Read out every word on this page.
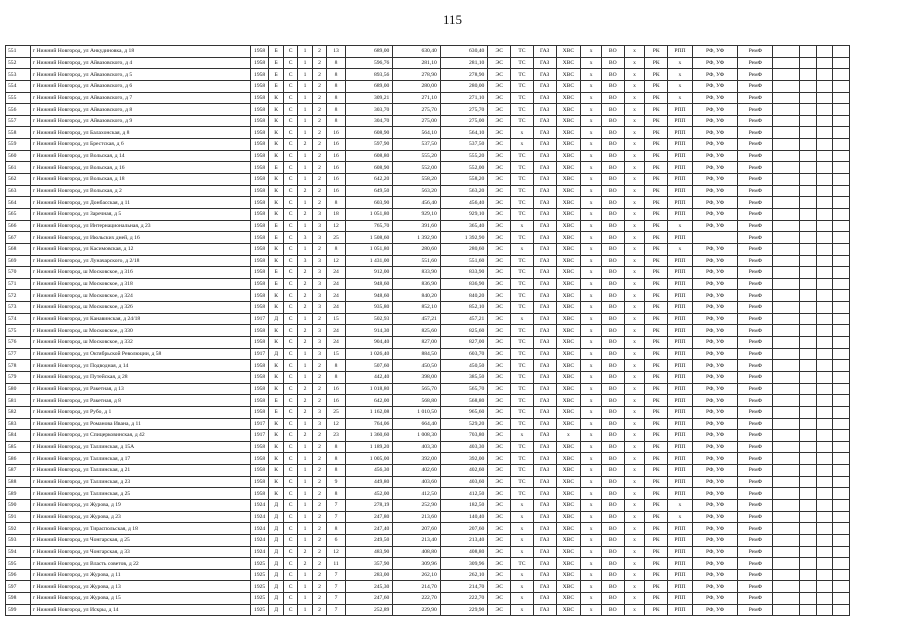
115
551	г Нижний Новгород, ул Анкудиновка, д 18	1958	Б	С	1	2	13	689,00	630,40	630,40	ЭС	ТС	ГАЗ	ХВС	х	ВО	х	РК	РПП	РФ, УФ	РемФ				
552	г Нижний Новгород, ул Айвазовского, д 4	1958	Б	С	1	2	8	596,76	281,10	281,10	ЭС	ТС	ГАЗ	ХВС	х	ВО	х	РК	х	РФ, УФ	РемФ				
553	г Нижний Новгород, ул Айвазовского, д 5	1958	Б	С	1	2	8	893,56	278,90	278,90	ЭС	ТС	ГАЗ	ХВС	х	ВО	х	РК	х	РФ, УФ	РемФ				
554	г Нижний Новгород, ул Айвазовского, д 6	1958	Б	С	1	2	8	689,00	280,00	280,00	ЭС	ТС	ГАЗ	ХВС	х	ВО	х	РК	х	РФ, УФ	РемФ				
555	г Нижний Новгород, ул Айвазовского, д 7	1958	К	С	1	2	8	309,21	271,10	271,10	ЭС	ТС	ГАЗ	ХВС	х	ВО	х	РК	х	РФ, УФ	РемФ				
556	г Нижний Новгород, ул Айвазовского, д 8	1958	К	С	1	2	8	303,70	275,70	275,70	ЭС	ТС	ГАЗ	ХВС	х	ВО	х	РК	РПП	РФ, УФ	РемФ				
557	г Нижний Новгород, ул Айвазовского, д 9	1958	К	С	1	2	8	304,70	275,00	275,00	ЭС	ТС	ГАЗ	ХВС	х	ВО	х	РК	РПП	РФ, УФ	РемФ				
558	г Нижний Новгород, ул Балахонская, д 8	1958	К	С	1	2	16	608,90	564,10	564,10	ЭС	х	ГАЗ	ХВС	х	ВО	х	РК	РПП	РФ, УФ	РемФ				
559	г Нижний Новгород, ул Брестская, д 6	1958	К	С	2	2	16	597,90	537,50	537,50	ЭС	х	ГАЗ	ХВС	х	ВО	х	РК	РПП	РФ, УФ	РемФ				
560	г Нижний Новгород, ул Вольская, д 14	1958	К	С	1	2	16	608,80	555,20	555,20	ЭС	ТС	ГАЗ	ХВС	х	ВО	х	РК	РПП	РФ, УФ	РемФ				
561	г Нижний Новгород, ул Вольская, д 16	1958	Б	С	1	2	16	608,90	552,00	552,00	ЭС	ТС	ГАЗ	ХВС	х	ВО	х	РК	РПП	РФ, УФ	РемФ				
562	г Нижний Новгород, ул Вольская, д 18	1958	К	С	1	2	16	642,20	558,20	558,20	ЭС	ТС	ГАЗ	ХВС	х	ВО	х	РК	РПП	РФ, УФ	РемФ				
563	г Нижний Новгород, ул Вольская, д 2	1958	К	С	2	2	16	649,50	563,20	563,20	ЭС	ТС	ГАЗ	ХВС	х	ВО	х	РК	РПП	РФ, УФ	РемФ				
564	г Нижний Новгород, ул Донбасская, д 11	1958	К	С	1	2	8	603,90	456,40	456,40	ЭС	ТС	ГАЗ	ХВС	х	ВО	х	РК	РПП	РФ, УФ	РемФ				
565	г Нижний Новгород, ул Заречная, д 5	1958	К	С	2	3	18	1 051,80	929,10	929,10	ЭС	ТС	ГАЗ	ХВС	х	ВО	х	РК	РПП	РФ, УФ	РемФ				
566	г Нижний Новгород, ул Интернациональная, д 23	1958	Б	С	1	3	12	765,70	391,60	365,40	ЭС	х	ГАЗ	ХВС	х	ВО	х	РК	х	РФ, УФ	РемФ				
567	г Нижний Новгород, ул Июльских дней, д 16	1958	Б	С	3	3	25	1 508,60	1 392,90	1 392,90	ЭС	ТС	ГАЗ	ХВС	х	ВО	х	РК	РПП		РемФ				
568	г Нижний Новгород, ул Касимовская, д 12	1958	К	С	1	2	8	1 051,80	280,60	280,60	ЭС	х	ГАЗ	ХВС	х	ВО	х	РК	х	РФ, УФ	РемФ				
569	г Нижний Новгород, ул Луначарского, д 2/18	1958	К	С	3	3	12	1 431,00	551,60	551,60	ЭС	ТС	ГАЗ	ХВС	х	ВО	х	РК	РПП	РФ, УФ	РемФ				
570	г Нижний Новгород, ш Московское, д 316	1958	Б	С	2	3	24	912,00	833,90	833,90	ЭС	ТС	ГАЗ	ХВС	х	ВО	х	РК	РПП	РФ, УФ	РемФ				
571	г Нижний Новгород, ш Московское, д 318	1958	Б	С	2	3	24	948,60	836,90	836,90	ЭС	ТС	ГАЗ	ХВС	х	ВО	х	РК	РПП	РФ, УФ	РемФ				
572	г Нижний Новгород, ш Московское, д 324	1958	К	С	2	3	24	948,60	840,20	840,20	ЭС	ТС	ГАЗ	ХВС	х	ВО	х	РК	РПП	РФ, УФ	РемФ				
573	г Нижний Новгород, ш Московское, д 326	1958	К	С	2	3	24	935,80	852,10	852,10	ЭС	ТС	ГАЗ	ХВС	х	ВО	х	РК	РПП	РФ, УФ	РемФ				
574	г Нижний Новгород, ул Канавинская, д 24/18	1917	Д	С	1	2	15	502,93	457,21	457,21	ЭС	х	ГАЗ	ХВС	х	ВО	х	РК	РПП	РФ, УФ	РемФ				
575	г Нижний Новгород, ш Московское, д 330	1958	К	С	2	3	24	914,30	825,60	825,60	ЭС	ТС	ГАЗ	ХВС	х	ВО	х	РК	РПП	РФ, УФ	РемФ				
576	г Нижний Новгород, ш Московское, д 332	1958	К	С	2	3	24	904,40	827,00	827,00	ЭС	ТС	ГАЗ	ХВС	х	ВО	х	РК	РПП	РФ, УФ	РемФ				
577	г Нижний Новгород, ул Октябрьской Революции, д 58	1917	Д	С	1	3	15	1 026,40	884,50	603,70	ЭС	ТС	ГАЗ	ХВС	х	ВО	х	РК	РПП	РФ, УФ	РемФ				
578	г Нижний Новгород, ул Подводная, д 14	1958	К	С	1	2	8	507,60	450,50	450,50	ЭС	ТС	ГАЗ	ХВС	х	ВО	х	РК	РПП	РФ, УФ	РемФ				
579	г Нижний Новгород, ул Путейская, д 28	1958	К	С	1	2	8	442,40	398,00	385,50	ЭС	ТС	ГАЗ	ХВС	х	ВО	х	РК	РПП	РФ, УФ	РемФ				
580	г Нижний Новгород, ул Ракетная, д 13	1958	К	С	2	2	16	1 018,80	565,70	565,70	ЭС	ТС	ГАЗ	ХВС	х	ВО	х	РК	РПП	РФ, УФ	РемФ				
581	г Нижний Новгород, ул Ракетная, д 8	1958	Б	С	2	2	16	642,00	568,80	568,80	ЭС	ТС	ГАЗ	ХВС	х	ВО	х	РК	РПП	РФ, УФ	РемФ				
582	г Нижний Новгород, ул Рубо, д 1	1958	Б	С	2	3	25	1 162,08	1 010,50	965,60	ЭС	ТС	ГАЗ	ХВС	х	ВО	х	РК	РПП	РФ, УФ	РемФ				
583	г Нижний Новгород, ул Романова Ивана, д 11	1917	К	С	1	3	12	764,06	664,40	529,20	ЭС	ТС	ГАЗ	ХВС	х	ВО	х	РК	РПП	РФ, УФ	РемФ				
584	г Нижний Новгород, ул Спицерковинская, д 42	1917	К	С	2	2	23	1 360,60	1 008,30	703,80	ЭС	х	ГАЗ	х	х	ВО	х	РК	РПП	РФ, УФ	РемФ				
585	г Нижний Новгород, ул Таллинская, д 15А	1958	К	С	1	2	8	1 189,20	403,30	403,30	ЭС	ТС	ГАЗ	ХВС	х	ВО	х	РК	РПП	РФ, УФ	РемФ				
586	г Нижний Новгород, ул Таллинская, д 17	1958	К	С	1	2	8	1 005,00	392,00	392,00	ЭС	ТС	ГАЗ	ХВС	х	ВО	х	РК	РПП	РФ, УФ	РемФ				
587	г Нижний Новгород, ул Таллинская, д 21	1958	К	С	1	2	8	456,30	402,60	402,60	ЭС	ТС	ГАЗ	ХВС	х	ВО	х	РК	РПП	РФ, УФ	РемФ				
588	г Нижний Новгород, ул Таллинская, д 23	1958	К	С	1	2	9	449,80	403,60	403,60	ЭС	ТС	ГАЗ	ХВС	х	ВО	х	РК	РПП	РФ, УФ	РемФ				
589	г Нижний Новгород, ул Таллинская, д 25	1958	К	С	1	2	8	452,00	412,50	412,50	ЭС	ТС	ГАЗ	ХВС	х	ВО	х	РК	РПП	РФ, УФ	РемФ				
590	г Нижний Новгород, ул Журова, д 19	1924	Д	С	1	2	7	278,19	252,90	182,50	ЭС	х	ГАЗ	ХВС	х	ВО	х	РК	х	РФ, УФ	РемФ				
591	г Нижний Новгород, ул Журова, д 23	1924	Д	С	1	2	7	247,80	213,60	140,40	ЭС	х	ГАЗ	ХВС	х	ВО	х	РК	х	РФ, УФ	РемФ				
592	г Нижний Новгород, ул Тираспольская, д 18	1924	Д	С	1	2	8	247,40	207,60	207,60	ЭС	х	ГАЗ	ХВС	х	ВО	х	РК	РПП	РФ, УФ	РемФ				
593	г Нижний Новгород, ул Чонгарская, д 25	1924	Д	С	1	2	6	249,50	213,40	213,40	ЭС	х	ГАЗ	ХВС	х	ВО	х	РК	РПП	РФ, УФ	РемФ				
594	г Нижний Новгород, ул Чонгарская, д 33	1924	Д	С	2	2	12	483,90	408,80	408,80	ЭС	х	ГАЗ	ХВС	х	ВО	х	РК	РПП	РФ, УФ	РемФ				
595	г Нижний Новгород, ул Власть советов, д 22	1925	Д	С	2	2	11	357,90	309,96	309,96	ЭС	ТС	ГАЗ	ХВС	х	ВО	х	РК	РПП	РФ, УФ	РемФ				
596	г Нижний Новгород, ул Журова, д 11	1925	Д	С	1	2	7	283,00	262,10	262,10	ЭС	х	ГАЗ	ХВС	х	ВО	х	РК	РПП	РФ, УФ	РемФ				
597	г Нижний Новгород, ул Журова, д 13	1925	Д	С	1	2	7	245,30	214,70	214,70	ЭС	х	ГАЗ	ХВС	х	ВО	х	РК	РПП	РФ, УФ	РемФ				
598	г Нижний Новгород, ул Журова, д 15	1925	Д	С	1	2	7	247,60	222,70	222,70	ЭС	х	ГАЗ	ХВС	х	ВО	х	РК	РПП	РФ, УФ	РемФ				
599	г Нижний Новгород, ул Искры, д 14	1925	Д	С	1	2	7	252,89	229,90	229,90	ЭС	х	ГАЗ	ХВС	х	ВО	х	РК	РПП	РФ, УФ	РемФ				
